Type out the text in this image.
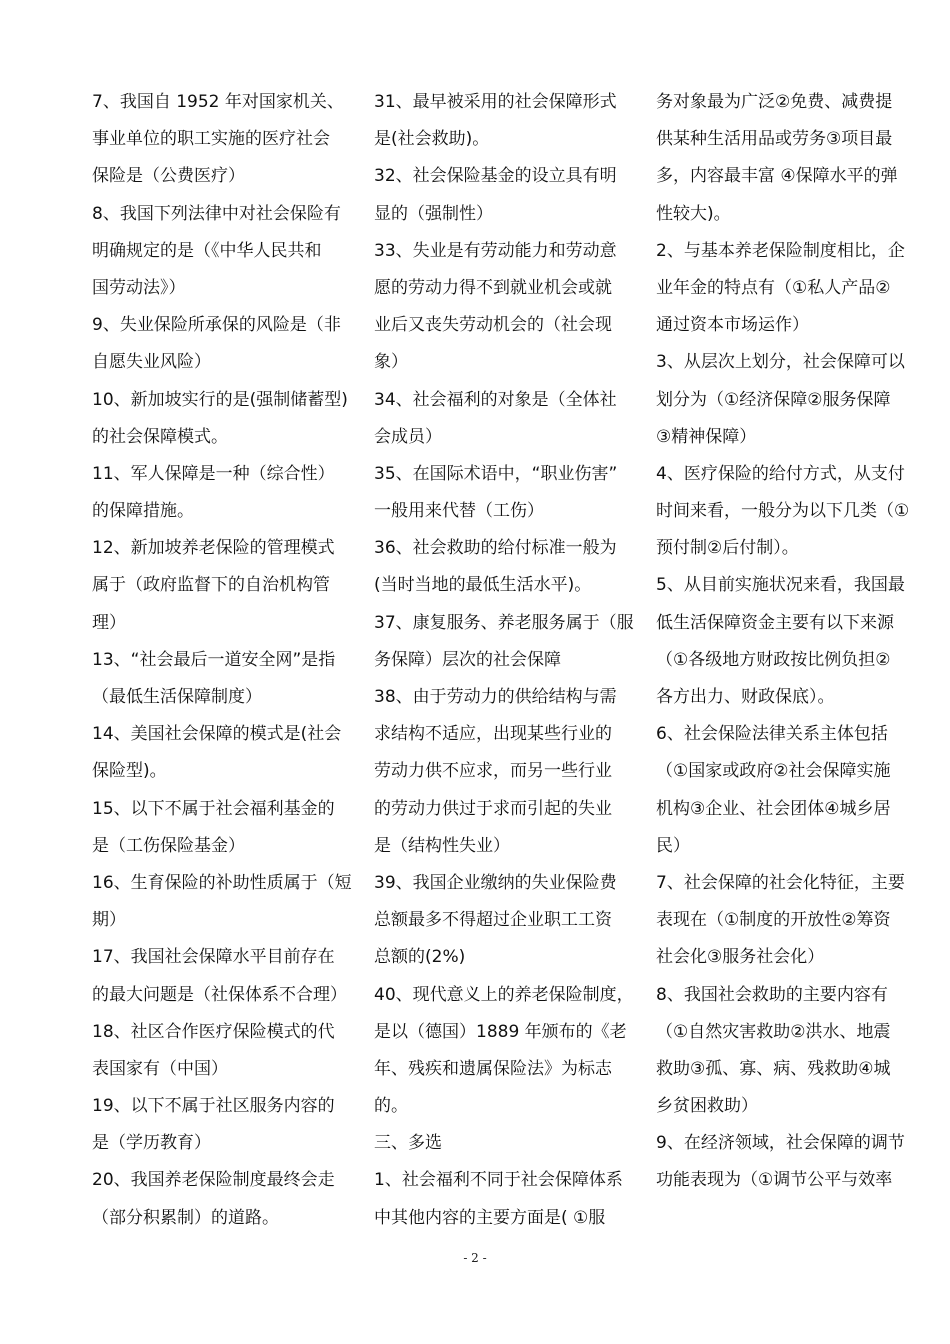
7、我国自 1952 年对国家机关、
事业单位的职工实施的医疗社会
保险是（公费医疗）
8、我国下列法律中对社会保险有
明确规定的是（《中华人民共和
国劳动法》）
9、失业保险所承保的风险是（非
自愿失业风险）
10、新加坡实行的是(强制储蓄型)
的社会保障模式。
11、军人保障是一种（综合性）
的保障措施。
12、新加坡养老保险的管理模式
属于（政府监督下的自治机构管
理）
13、“社会最后一道安全网”是指
（最低生活保障制度）
14、美国社会保障的模式是(社会
保险型)。
15、以下不属于社会福利基金的
是（工伤保险基金）
16、生育保险的补助性质属于（短
期）
17、我国社会保障水平目前存在
的最大问题是（社保体系不合理）
18、社区合作医疗保险模式的代
表国家有（中国）
19、以下不属于社区服务内容的
是（学历教育）
20、我国养老保险制度最终会走
（部分积累制）的道路。
31、最早被采用的社会保障形式
是(社会救助)。
32、社会保险基金的设立具有明
显的（强制性）
33、失业是有劳动能力和劳动意
愿的劳动力得不到就业机会或就
业后又丧失劳动机会的（社会现
象）
34、社会福利的对象是（全体社
会成员）
35、在国际术语中，“职业伤害”
一般用来代替（工伤）
36、社会救助的给付标准一般为
(当时当地的最低生活水平)。
37、康复服务、养老服务属于（服
务保障）层次的社会保障
38、由于劳动力的供给结构与需
求结构不适应，出现某些行业的
劳动力供不应求，而另一些行业
的劳动力供过于求而引起的失业
是（结构性失业）
39、我国企业缴纳的失业保险费
总额最多不得超过企业职工工资
总额的(2%)
40、现代意义上的养老保险制度，
是以（德国）1889 年颁布的《老
年、残疾和遗属保险法》为标志
的。
三、多选
1、社会福利不同于社会保障体系
中其他内容的主要方面是( ①服
务对象最为广泛②免费、减费提
供某种生活用品或劳务③项目最
多，内容最丰富 ④保障水平的弹
性较大)。
2、与基本养老保险制度相比，企
业年金的特点有（①私人产品②
通过资本市场运作）
3、从层次上划分，社会保障可以
划分为（①经济保障②服务保障
③精神保障）
4、医疗保险的给付方式，从支付
时间来看，一般分为以下几类（①
预付制②后付制）。
5、从目前实施状况来看，我国最
低生活保障资金主要有以下来源
（①各级地方财政按比例负担②
各方出力、财政保底）。
6、社会保险法律关系主体包括
（①国家或政府②社会保障实施
机构③企业、社会团体④城乡居
民）
7、社会保障的社会化特征，主要
表现在（①制度的开放性②筹资
社会化③服务社会化）
8、我国社会救助的主要内容有
（①自然灾害救助②洪水、地震
救助③孤、寡、病、残救助④城
乡贫困救助）
9、在经济领域，社会保障的调节
功能表现为（①调节公平与效率
- 2 -
